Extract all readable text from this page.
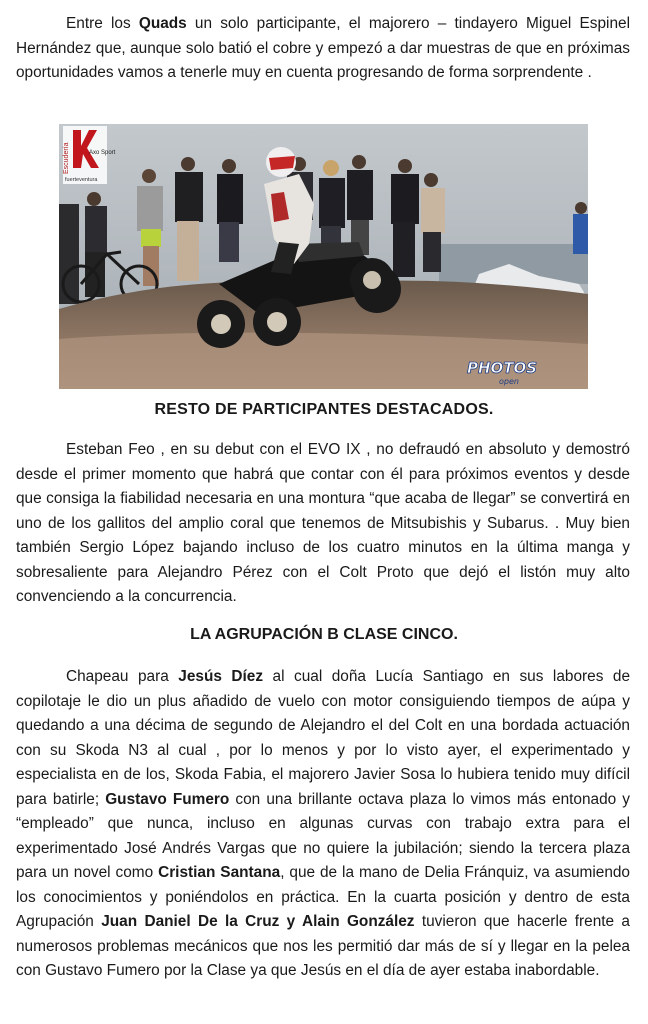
Entre los Quads un solo participante, el majorero – tindayero Miguel Espinel Hernández que, aunque solo batió el cobre y empezó a dar muestras de que en próximas oportunidades vamos a tenerle muy en cuenta progresando de forma sorprendente .

Escudería	Axo Sport
fuerteventura
PHOTOS
open
RESTO DE PARTICIPANTES DESTACADOS.

Esteban Feo , en su debut con el EVO IX , no defraudó en absoluto y demostró desde el primer momento que habrá que contar con él para próximos eventos y desde que consiga la fiabilidad necesaria en una montura “que acaba de llegar” se convertirá en uno de los gallitos del amplio coral que tenemos de Mitsubishis y Subarus. . Muy bien también Sergio López bajando incluso de los cuatro minutos en la última manga y sobresaliente para Alejandro Pérez con el Colt Proto que dejó el listón muy alto convenciendo a la concurrencia.

LA AGRUPACIÓN B CLASE CINCO.

Chapeau para Jesús Díez al cual doña Lucía Santiago en sus labores de copilotaje le dio un plus añadido de vuelo con motor consiguiendo tiempos de aúpa y quedando a una décima de segundo de Alejandro el del Colt en una bordada actuación con su Skoda N3 al cual , por lo menos y por lo visto ayer, el experimentado y especialista en de los, Skoda Fabia, el majorero Javier Sosa lo hubiera tenido muy difícil para batirle; Gustavo Fumero con una brillante octava plaza lo vimos más entonado y “empleado” que nunca, incluso en algunas curvas con trabajo extra para el experimentado José Andrés Vargas que no quiere la jubilación; siendo la tercera plaza para un novel como Cristian Santana, que de la mano de Delia Fránquiz, va asumiendo los conocimientos y poniéndolos en práctica. En la cuarta posición y dentro de esta Agrupación Juan Daniel De la Cruz y Alain González tuvieron que hacerle frente a numerosos problemas mecánicos que nos les permitió dar más de sí y llegar en la pelea con Gustavo Fumero por la Clase ya que Jesús en el día de ayer estaba inabordable.
